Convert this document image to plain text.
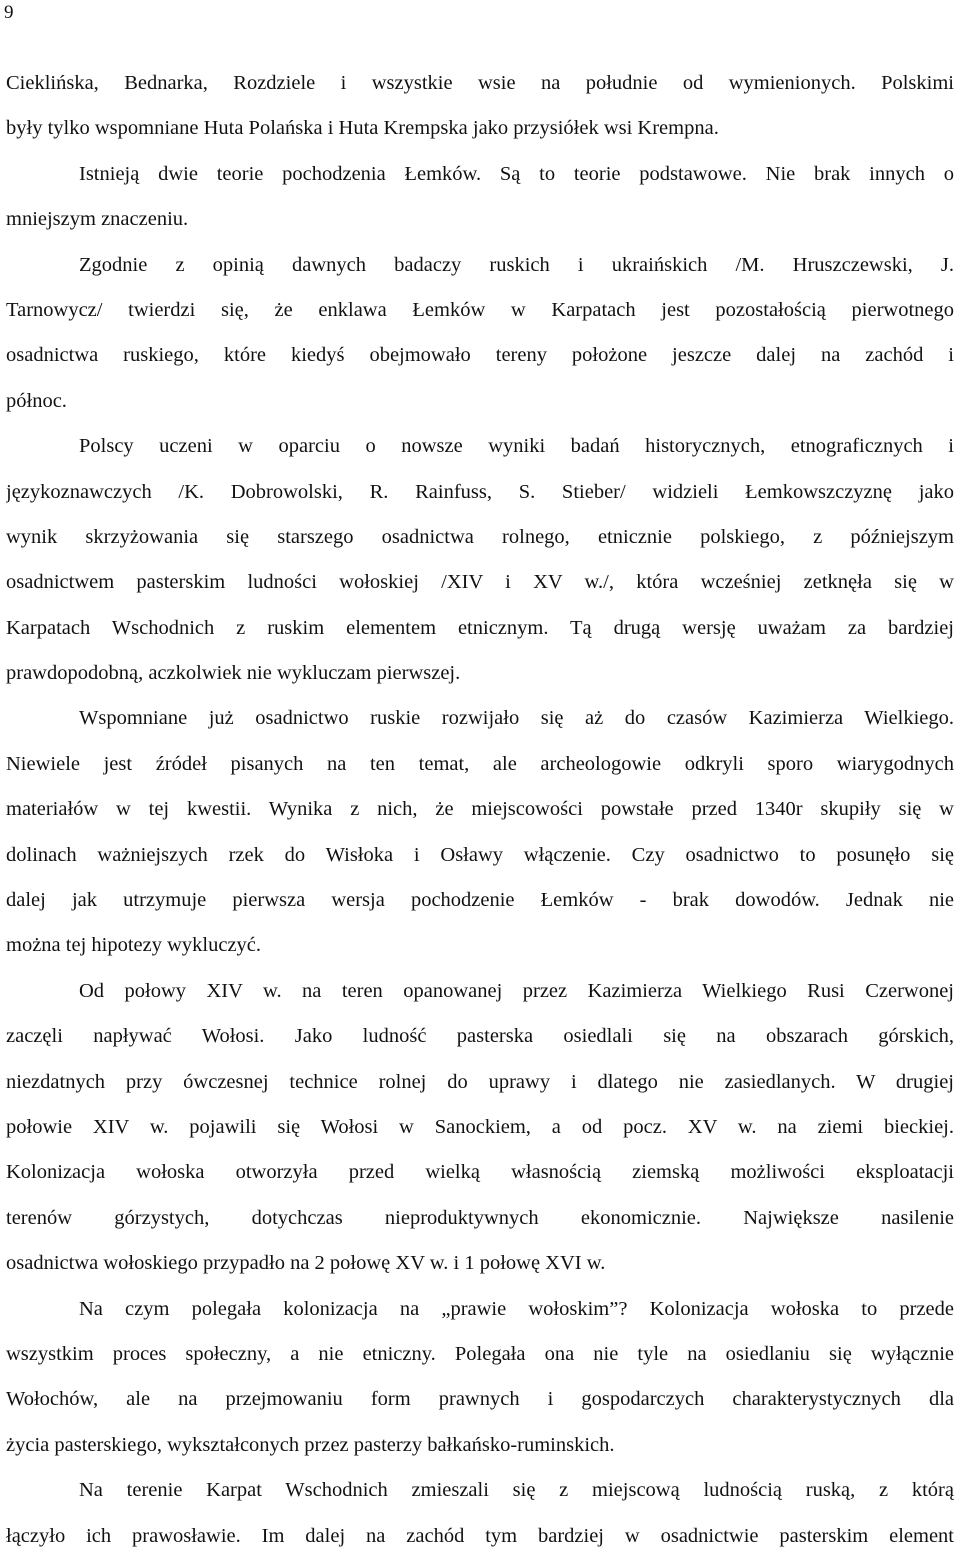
9
Cieklińska, Bednarka, Rozdziele i wszystkie wsie na południe od wymienionych. Polskimi
były tylko wspomniane Huta Polańska i Huta Krempska jako przysiółek wsi Krempna.
Istnieją dwie teorie pochodzenia Łemków. Są to teorie podstawowe. Nie brak innych o
mniejszym znaczeniu.
Zgodnie z opinią dawnych badaczy ruskich i ukraińskich /M. Hruszczewski, J.
Tarnowycz/ twierdzi się, że enklawa Łemków w Karpatach jest pozostałością pierwotnego
osadnictwa ruskiego, które kiedyś obejmowało tereny położone jeszcze dalej na zachód i
północ.
Polscy uczeni w oparciu o nowsze wyniki badań historycznych, etnograficznych i
językoznawczych /K. Dobrowolski, R. Rainfuss, S. Stieber/ widzieli Łemkowszczyznę jako
wynik skrzyżowania się starszego osadnictwa rolnego, etnicznie polskiego, z późniejszym
osadnictwem pasterskim ludności wołoskiej /XIV i XV w./, która wcześniej zetknęła się w
Karpatach Wschodnich z ruskim elementem etnicznym. Tą drugą wersję uważam za bardziej
prawdopodobną, aczkolwiek nie wykluczam pierwszej.
Wspomniane już osadnictwo ruskie rozwijało się aż do czasów Kazimierza Wielkiego.
Niewiele jest źródeł pisanych na ten temat, ale archeologowie odkryli sporo wiarygodnych
materiałów w tej kwestii. Wynika z nich, że miejscowości powstałe przed 1340r skupiły się w
dolinach ważniejszych rzek do Wisłoka i Osławy włączenie. Czy osadnictwo to posunęło się
dalej jak utrzymuje pierwsza wersja pochodzenie Łemków - brak dowodów. Jednak nie
można tej hipotezy wykluczyć.
Od połowy XIV w. na teren opanowanej przez Kazimierza Wielkiego Rusi Czerwonej
zaczęli napływać Wołosi. Jako ludność pasterska osiedlali się na obszarach górskich,
niezdatnych przy ówczesnej technice rolnej do uprawy i dlatego nie zasiedlanych. W drugiej
połowie XIV w. pojawili się Wołosi w Sanockiem, a od pocz. XV w. na ziemi bieckiej.
Kolonizacja wołoska otworzyła przed wielką własnością ziemską możliwości eksploatacji
terenów górzystych, dotychczas nieproduktywnych ekonomicznie. Największe nasilenie
osadnictwa wołoskiego przypadło na 2 połowę XV w. i 1 połowę XVI w.
Na czym polegała kolonizacja na „prawie wołoskim”? Kolonizacja wołoska to przede
wszystkim proces społeczny, a nie etniczny. Polegała ona nie tyle na osiedlaniu się wyłącznie
Wołochów, ale na przejmowaniu form prawnych i gospodarczych charakterystycznych dla
życia pasterskiego, wykształconych przez pasterzy bałkańsko-ruminskich.
Na terenie Karpat Wschodnich zmieszali się z miejscową ludnością ruską, z którą
łączyło ich prawosławie. Im dalej na zachód tym bardziej w osadnictwie pasterskim element
